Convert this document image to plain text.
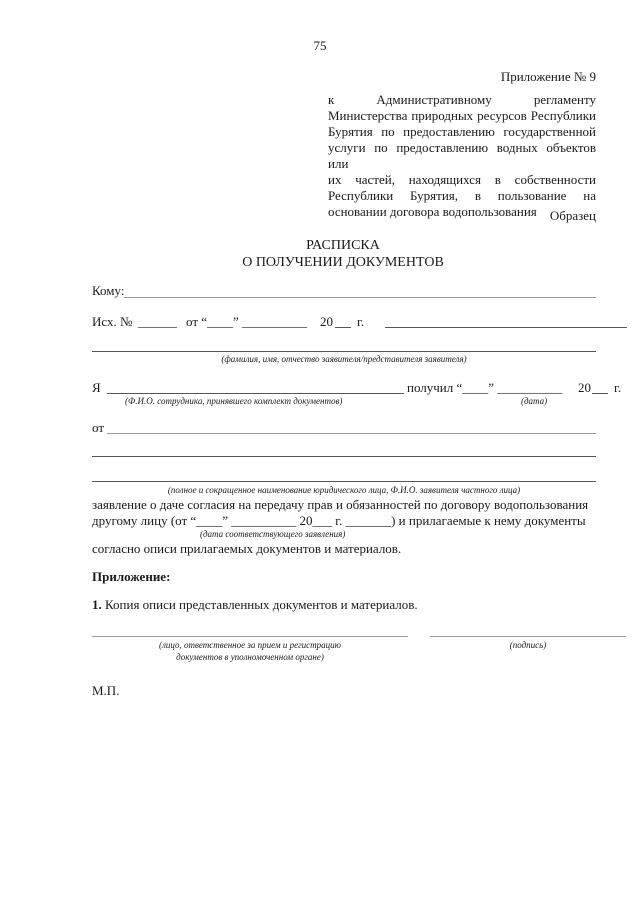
75
Приложение № 9
к Административному регламенту
Министерства природных ресурсов Республики
Бурятия по предоставлению государственной
услуги по предоставлению водных объектов или
их частей, находящихся в собственности
Республики Бурятия, в пользование на
основании договора водопользования	Образец
РАСПИСКА
О ПОЛУЧЕНИИ ДОКУМЕНТОВ
Кому:
Исх. № ______ от “____” __________ 20 г.
(фамилия, имя, отчество заявителя/представителя заявителя)
Я	получил “____” __________ 20 г.
(Ф.И.О. сотрудника, принявшего комплект документов)	(дата)
от
(полное и сокращенное наименование юридического лица, Ф.И.О. заявителя частного лица)
заявление о даче согласия на передачу прав и обязанностей по договору водопользования
другому лицу (от “____” __________ 20___ г. _______) и прилагаемые к нему документы
(дата соответствующего заявления)
согласно описи прилагаемых документов и материалов.
Приложение:
1. Копия описи представленных документов и материалов.
(лицо, ответственное за прием и регистрацию
документов в уполномоченном органе)
(подпись)
М.П.
